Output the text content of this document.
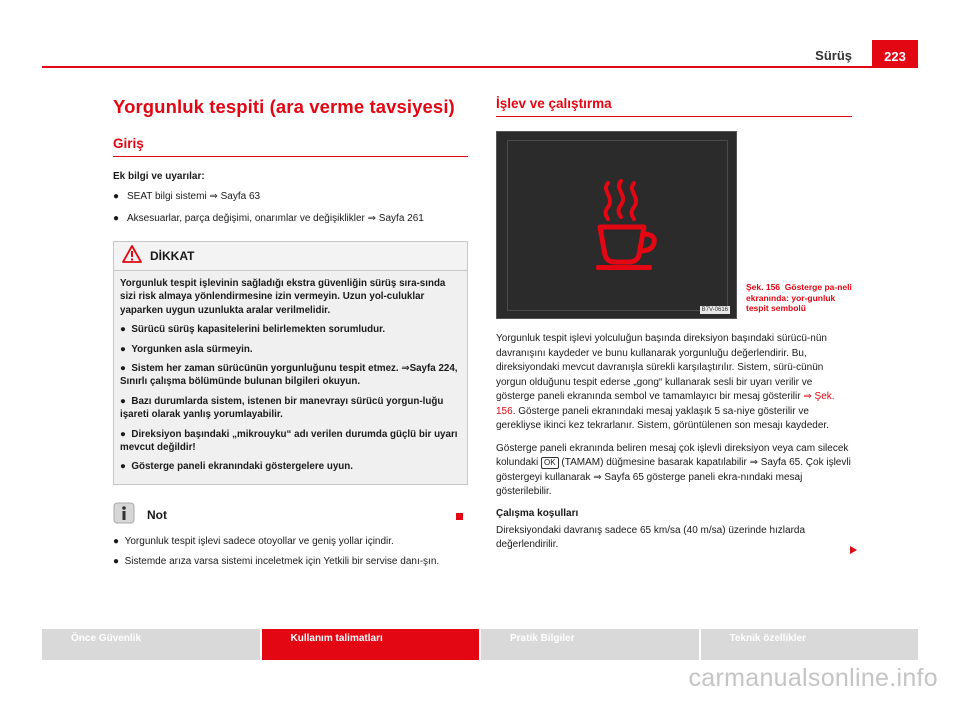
Sürüş	223
Yorgunluk tespiti (ara verme tavsiyesi)
Giriş
Ek bilgi ve uyarılar:
● SEAT bilgi sistemi ⇒ Sayfa 63
● Aksesuarlar, parça değişimi, onarımlar ve değişiklikler ⇒ Sayfa 261
DİKKAT
Yorgunluk tespit işlevinin sağladığı ekstra güvenliğin sürüş sıra-sında sizi risk almaya yönlendirmesine izin vermeyin. Uzun yol-culuklar yaparken uygun uzunlukta aralar verilmelidir.
●  Sürücü sürüş kapasitelerini belirlemekten sorumludur.
●  Yorgunken asla sürmeyin.
●  Sistem her zaman sürücünün yorgunluğunu tespit etmez. ⇒Sayfa 224, Sınırlı çalışma bölümünde bulunan bilgileri okuyun.
●  Bazı durumlarda sistem, istenen bir manevrayı sürücü yorgun-luğu işareti olarak yanlış yorumlayabilir.
●  Direksiyon başındaki „mikrouyku“ adı verilen durumda güçlü bir uyarı mevcut değildir!
●  Gösterge paneli ekranındaki göstergelere uyun.
Not
●  Yorgunluk tespit işlevi sadece otoyollar ve geniş yollar içindir.
●  Sistemde arıza varsa sistemi inceletmek için Yetkili bir servise danı-şın.
İşlev ve çalıştırma
B7V-0616
Şek. 156 Gösterge pa-neli ekranında: yor-gunluk tespit sembolü

Yorgunluk tespit işlevi yolculuğun başında direksiyon başındaki sürücü-nün davranışını kaydeder ve bunu kullanarak yorgunluğu değerlendirir. Bu, direksiyondaki mevcut davranışla sürekli karşılaştırılır. Sistem, sürü-cünün yorgun olduğunu tespit ederse „gong“ kullanarak sesli bir uyarı verilir ve gösterge paneli ekranında sembol ve tamamlayıcı bir mesaj gösterilir ⇒ Şek. 156. Gösterge paneli ekranındaki mesaj yaklaşık 5 sa-niye gösterilir ve gerekliyse ikinci kez tekrarlanır. Sistem, görüntülenen son mesajı kaydeder.

Gösterge paneli ekranında beliren mesaj çok işlevli direksiyon veya cam silecek kolundaki OK (TAMAM) düğmesine basarak kapatılabilir ⇒ Sayfa 65. Çok işlevli göstergeyi kullanarak ⇒ Sayfa 65 gösterge paneli ekra-nındaki mesaj gösterilebilir.

Çalışma koşulları

Direksiyondaki davranış sadece 65 km/sa (40 m/sa) üzerinde hızlarda değerlendirilir.

Önce Güvenlik	Kullanım talimatları	Pratik Bilgiler	Teknik özellikler
carmanualsonline.info
